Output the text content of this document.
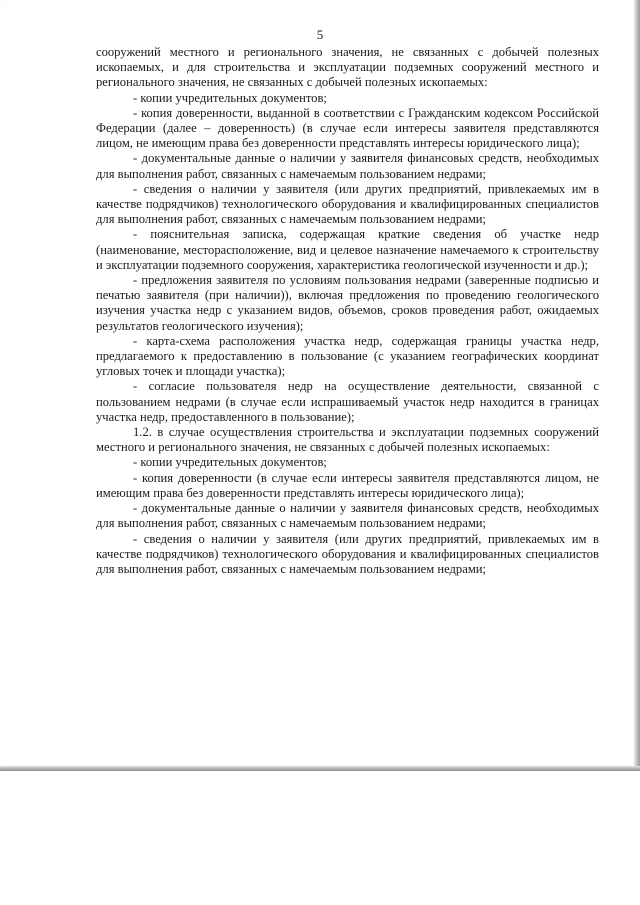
5

сооружений местного и регионального значения, не связанных с добычей полезных ископаемых, и для строительства и эксплуатации подземных сооружений местного и регионального значения, не связанных с добычей полезных ископаемых:

- копии учредительных документов;

- копия доверенности, выданной в соответствии с Гражданским кодексом Российской Федерации (далее – доверенность) (в случае если интересы заявителя представляются лицом, не имеющим права без доверенности представлять интересы юридического лица);

- документальные данные о наличии у заявителя финансовых средств, необходимых для выполнения работ, связанных с намечаемым пользованием недрами;

- сведения о наличии у заявителя (или других предприятий, привлекаемых им в качестве подрядчиков) технологического оборудования и квалифицированных специалистов для выполнения работ, связанных с намечаемым пользованием недрами;

- пояснительная записка, содержащая краткие сведения об участке недр (наименование, месторасположение, вид и целевое назначение намечаемого к строительству и эксплуатации подземного сооружения, характеристика геологической изученности и др.);

- предложения заявителя по условиям пользования недрами (заверенные подписью и печатью заявителя (при наличии)), включая предложения по проведению геологического изучения участка недр с указанием видов, объемов, сроков проведения работ, ожидаемых результатов геологического изучения);

- карта-схема расположения участка недр, содержащая границы участка недр, предлагаемого к предоставлению в пользование (с указанием географических координат угловых точек и площади участка);

- согласие пользователя недр на осуществление деятельности, связанной с пользованием недрами (в случае если испрашиваемый участок недр находится в границах участка недр, предоставленного в пользование);

1.2. в случае осуществления строительства и эксплуатации подземных сооружений местного и регионального значения, не связанных с добычей полезных ископаемых:

- копии учредительных документов;

- копия доверенности (в случае если интересы заявителя представляются лицом, не имеющим права без доверенности представлять интересы юридического лица);

- документальные данные о наличии у заявителя финансовых средств, необходимых для выполнения работ, связанных с намечаемым пользованием недрами;

- сведения о наличии у заявителя (или других предприятий, привлекаемых им в качестве подрядчиков) технологического оборудования и квалифицированных специалистов для выполнения работ, связанных с намечаемым пользованием недрами;
